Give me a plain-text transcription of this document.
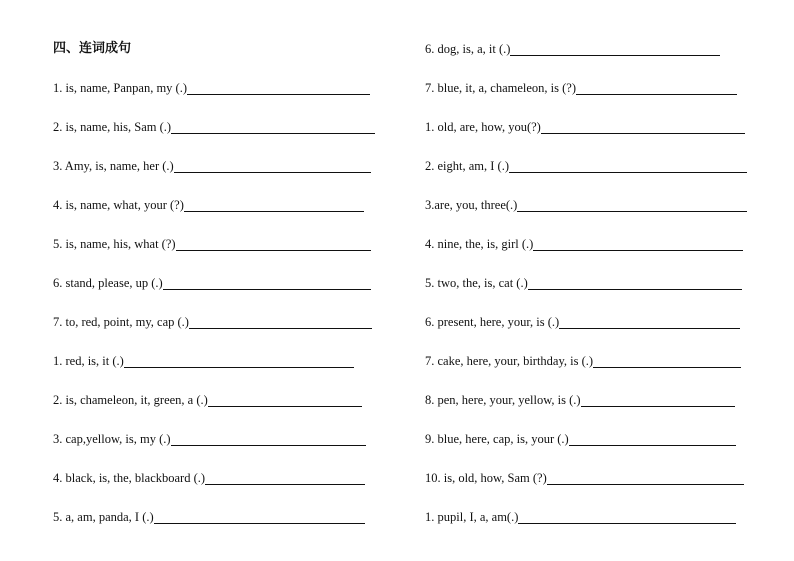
四、连词成句
1. is, name, Panpan, my (.)
2. is, name, his, Sam (.)
3. Amy, is, name, her (.)
4. is, name, what, your (?)
5. is, name, his, what (?)
6. stand, please, up (.)
7. to, red, point, my, cap (.)
1. red, is, it (.)
2. is, chameleon, it, green, a (.)
3. cap,yellow, is, my (.)
4. black, is, the, blackboard (.)
5. a, am, panda, I (.)
6. dog, is, a, it (.)
7. blue, it, a, chameleon, is (?)
1. old, are, how, you(?)
2. eight, am, I (.)
3.are, you, three(.)
4. nine, the, is, girl (.)
5. two, the, is, cat (.)
6. present, here, your, is (.)
7. cake, here, your, birthday, is (.)
8. pen, here, your, yellow, is (.)
9. blue, here, cap, is, your (.)
10. is, old, how, Sam (?)
1. pupil, I, a, am(.)
